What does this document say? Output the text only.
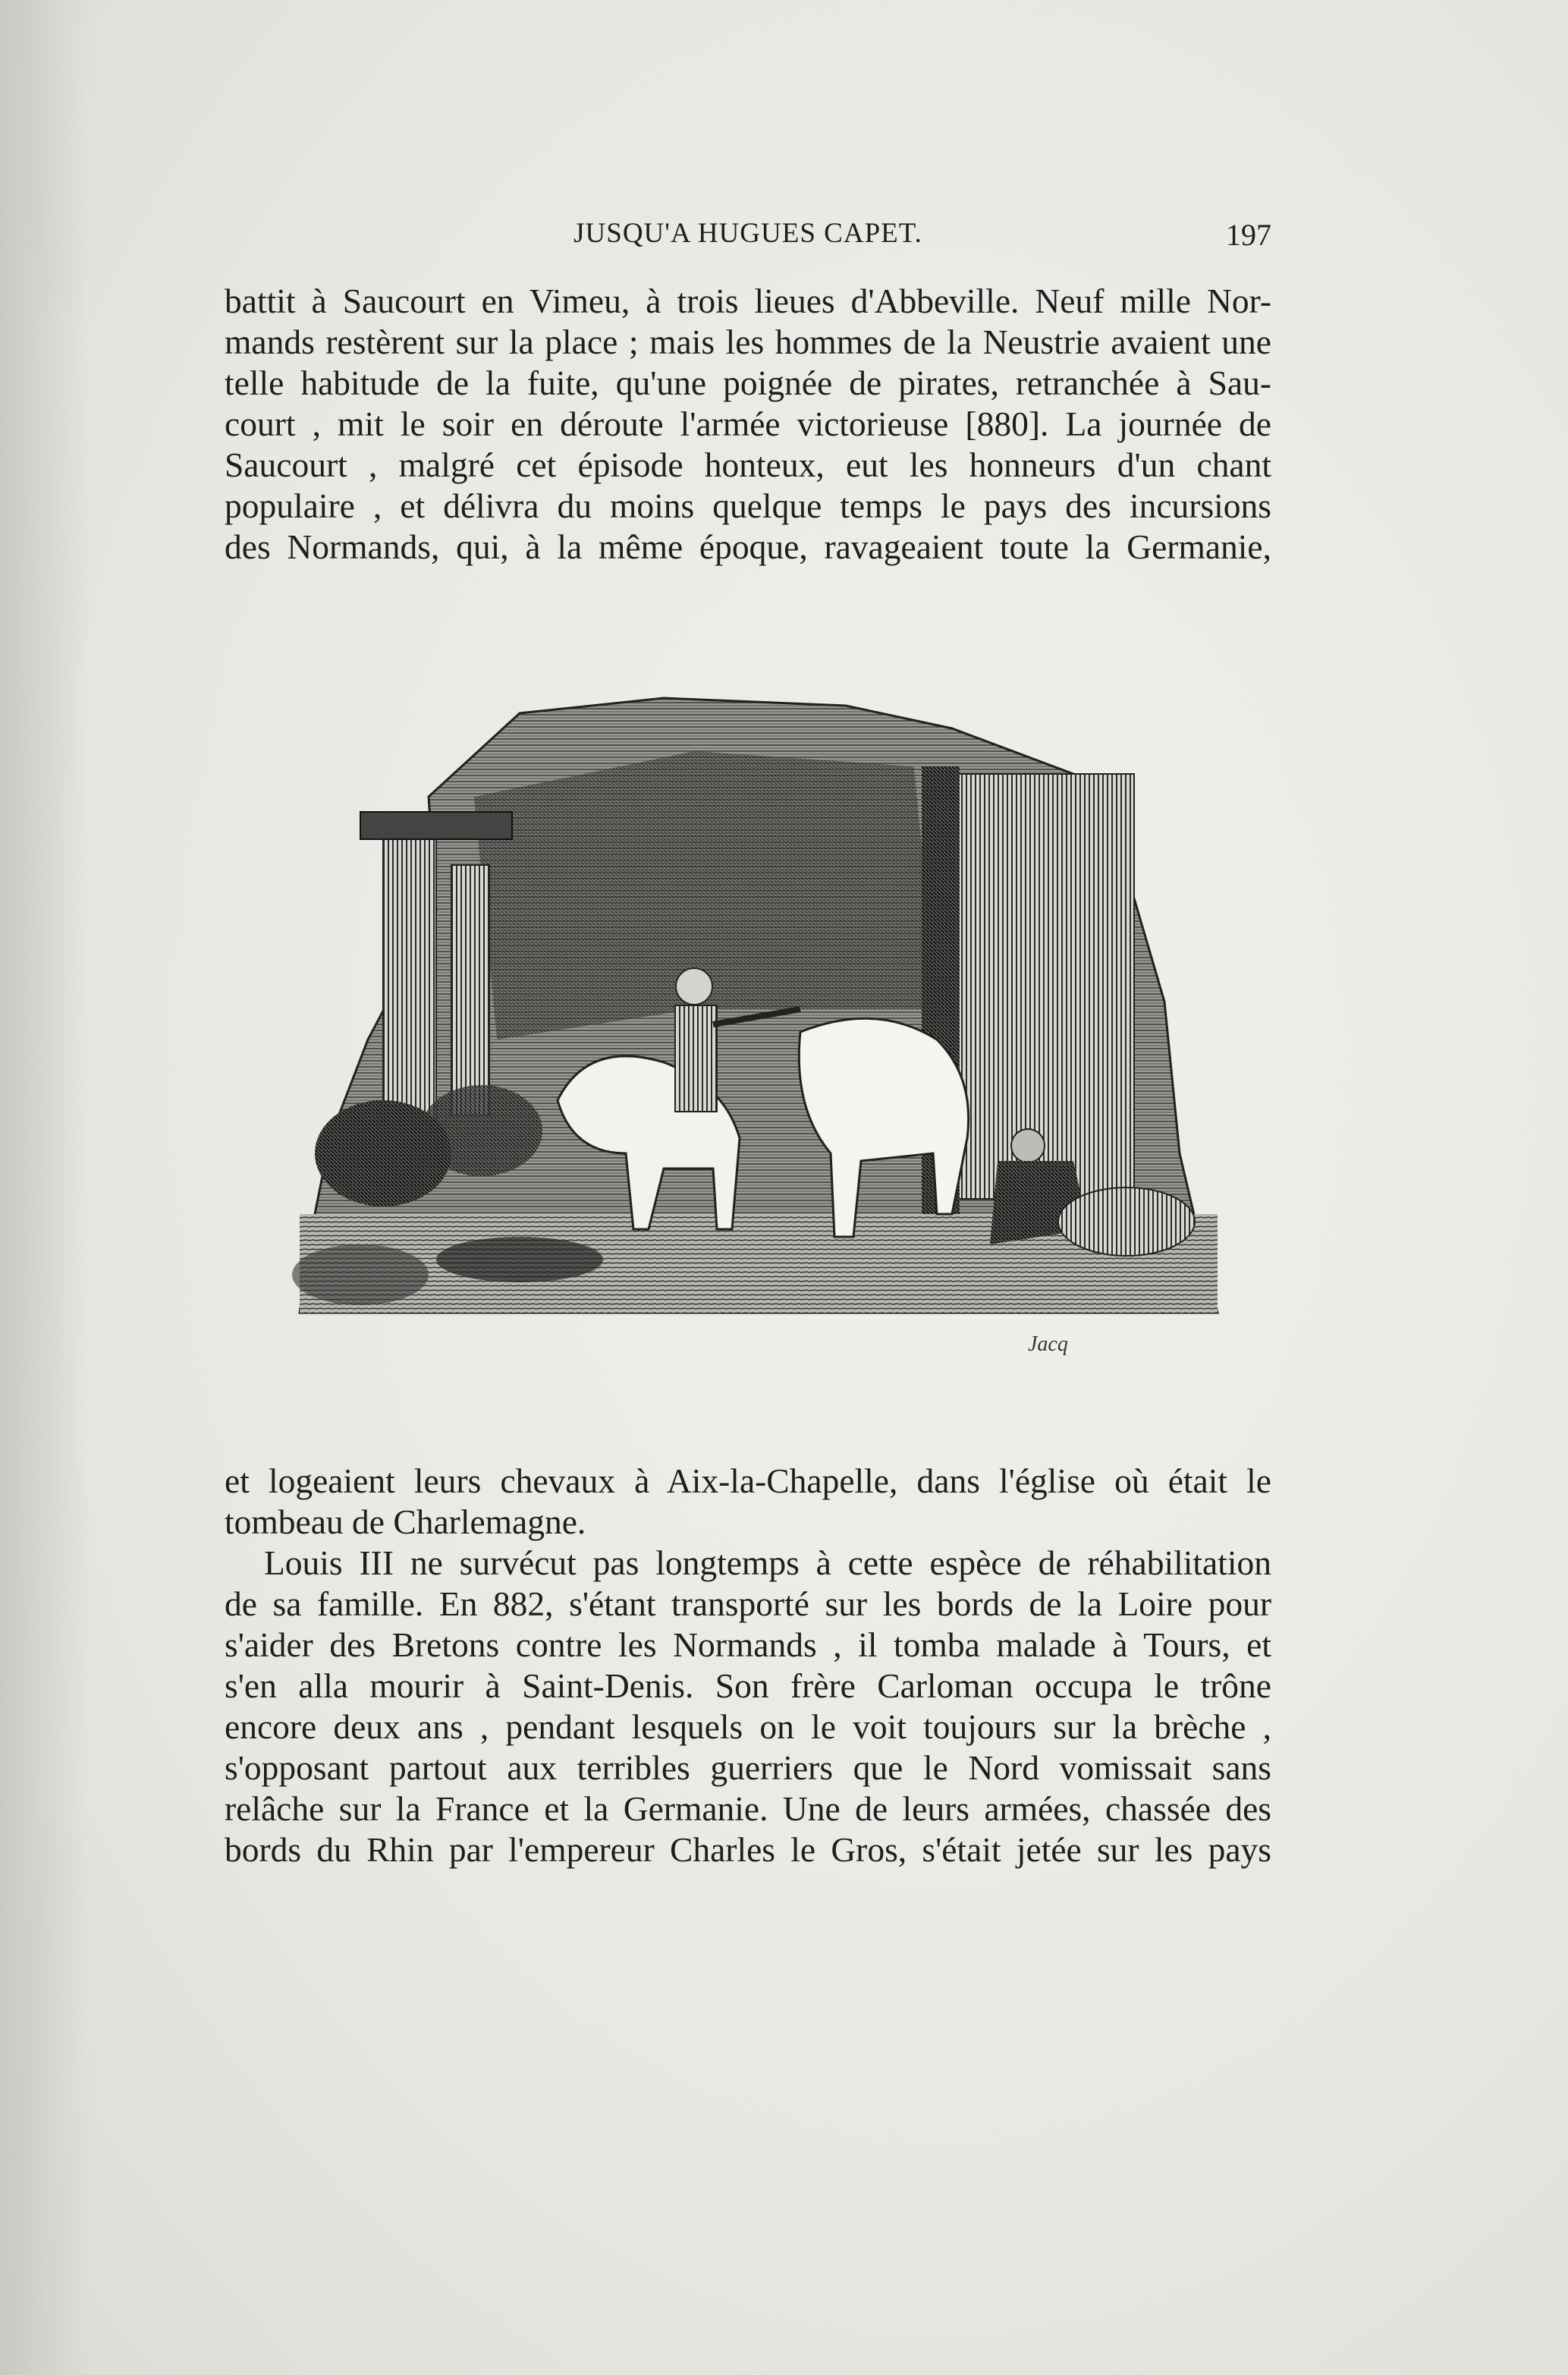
JUSQU'A HUGUES CAPET.	197
battit à Saucourt en Vimeu, à trois lieues d'Abbeville. Neuf mille Nor-
mands restèrent sur la place ; mais les hommes de la Neustrie avaient une
telle habitude de la fuite, qu'une poignée de pirates, retranchée à Sau-
court , mit le soir en déroute l'armée victorieuse [880]. La journée de
Saucourt , malgré cet épisode honteux, eut les honneurs d'un chant
populaire , et délivra du moins quelque temps le pays des incursions
des Normands, qui, à la même époque, ravageaient toute la Germanie,
Jacq
et logeaient leurs chevaux à Aix-la-Chapelle, dans l'église où était le
tombeau de Charlemagne.
Louis III ne survécut pas longtemps à cette espèce de réhabilitation
de sa famille. En 882, s'étant transporté sur les bords de la Loire pour
s'aider des Bretons contre les Normands , il tomba malade à Tours, et
s'en alla mourir à Saint-Denis. Son frère Carloman occupa le trône
encore deux ans , pendant lesquels on le voit toujours sur la brèche ,
s'opposant partout aux terribles guerriers que le Nord vomissait sans
relâche sur la France et la Germanie. Une de leurs armées, chassée des
bords du Rhin par l'empereur Charles le Gros, s'était jetée sur les pays
